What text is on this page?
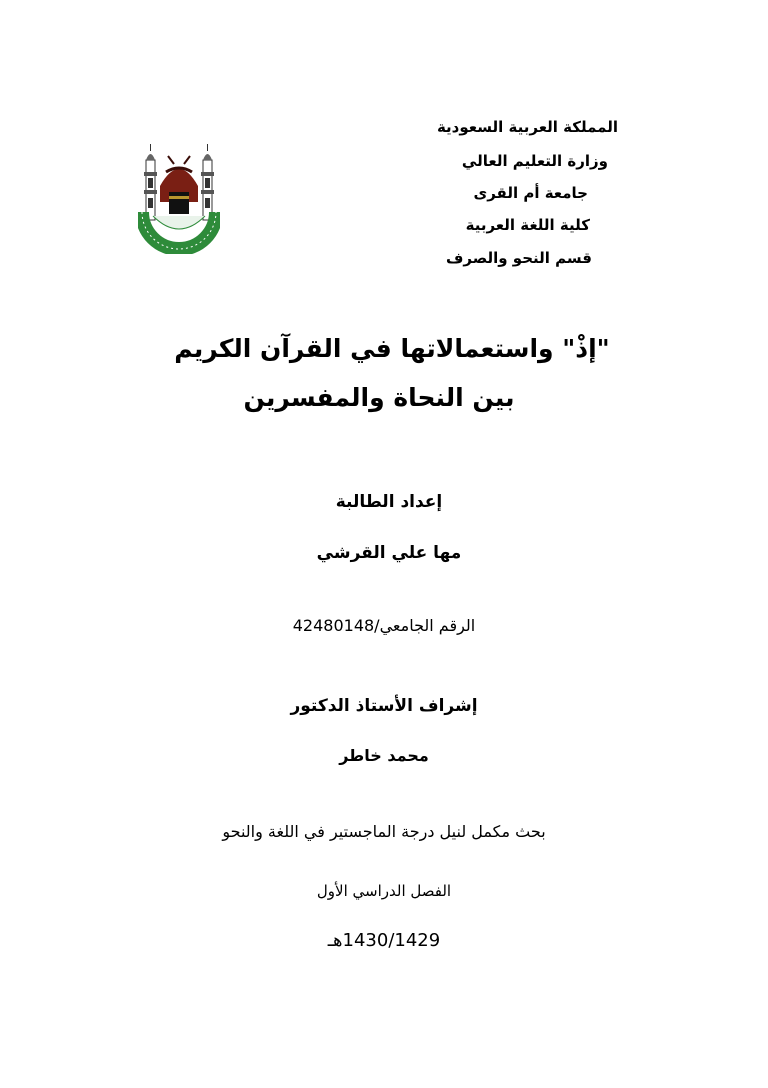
المملكة العربية السعودية
وزارة التعليم العالي
جامعة أم القرى
كلية اللغة العربية
قسم النحو والصرف
"إذْ" واستعمالاتها في القرآن الكريم
بين النحاة والمفسرين
إعداد الطالبة
مها علي القرشي
الرقم الجامعي/42480148
إشراف الأستاذ الدكتور
محمد خاطر
بحث مكمل لنيل درجة الماجستير في اللغة والنحو
الفصل الدراسي الأول
1430/1429هـ
